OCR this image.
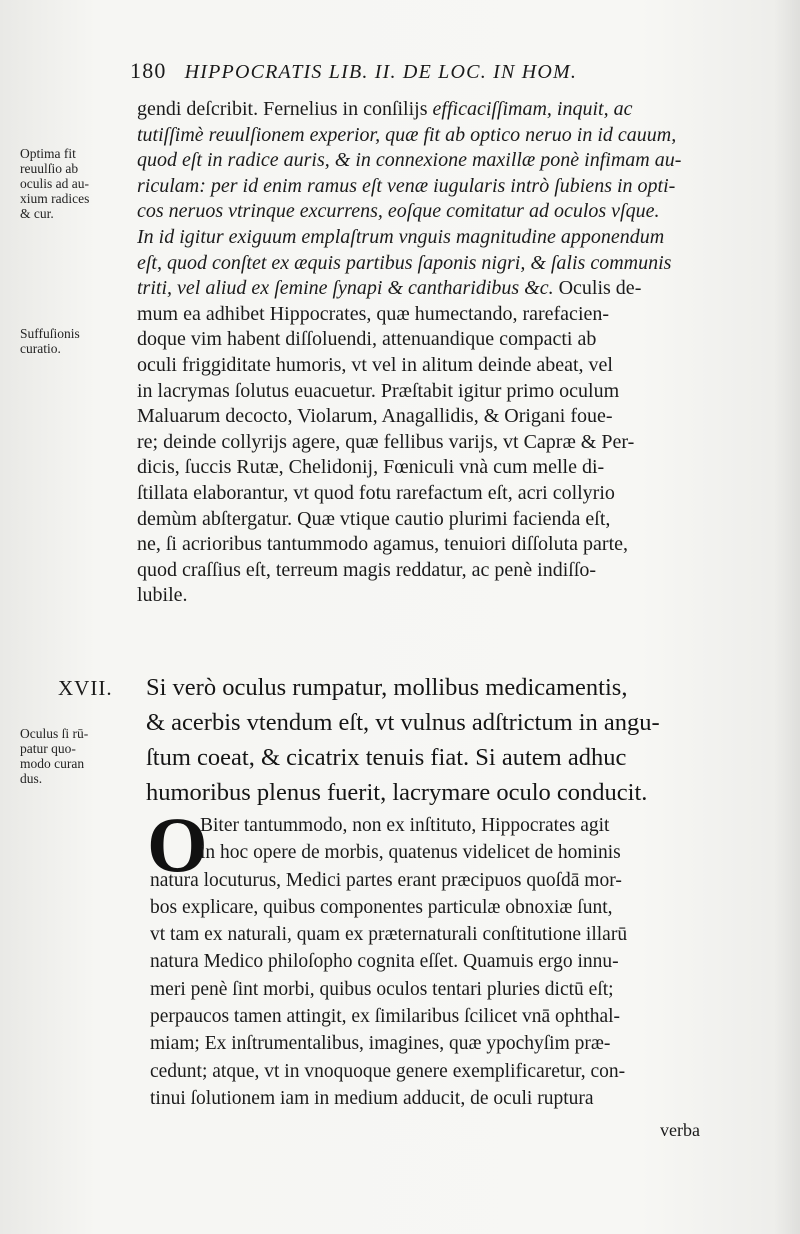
180 HIPPOCRATIS LIB. II. DE LOC. IN HOM.
Optima fit
reuulſio ab
oculis ad au-
xium radices
& cur.
Suffuſionis
curatio.
Oculus ſi rū-
patur quo-
modo curan
dus.
gendi deſcribit. Fernelius in conſilijs efficaciſſimam, inquit, ac
tutiſſimè reuulſionem experior, quæ fit ab optico neruo in id cauum,
quod eſt in radice auris, & in connexione maxillæ ponè infimam au-
riculam: per id enim ramus eſt venæ iugularis intrò ſubiens in opti-
cos neruos vtrinque excurrens, eoſque comitatur ad oculos vſque.
In id igitur exiguum emplaſtrum vnguis magnitudine apponendum
eſt, quod conſtet ex æquis partibus ſaponis nigri, & ſalis communis
triti, vel aliud ex ſemine ſynapi & cantharidibus &c. Oculis de-
mum ea adhibet Hippocrates, quæ humectando, rarefacien-
doque vim habent diſſoluendi, attenuandique compacti ab
oculi friggiditate humoris, vt vel in alitum deinde abeat, vel
in lacrymas ſolutus euacuetur. Præſtabit igitur primo oculum
Maluarum decocto, Violarum, Anagallidis, & Origani foue-
re; deinde collyrijs agere, quæ fellibus varijs, vt Capræ & Per-
dicis, ſuccis Rutæ, Chelidonij, Fœniculi vnà cum melle di-
ſtillata elaborantur, vt quod fotu rarefactum eſt, acri collyrio
demùm abſtergatur. Quæ vtique cautio plurimi facienda eſt,
ne, ſi acrioribus tantummodo agamus, tenuiori diſſoluta parte,
quod craſſius eſt, terreum magis reddatur, ac penè indiſſo-
lubile.
XVII. Si verò oculus rumpatur, mollibus medicamentis,
& acerbis vtendum eſt, vt vulnus adſtrictum in angu-
ſtum coeat, & cicatrix tenuis fiat. Si autem adhuc
humoribus plenus fuerit, lacrymare oculo conducit.
O
Biter tantummodo, non ex inſtituto, Hippocrates agit
in hoc opere de morbis, quatenus videlicet de hominis
natura locuturus, Medici partes erant præcipuos quoſdā mor-
bos explicare, quibus componentes particulæ obnoxiæ ſunt,
vt tam ex naturali, quam ex præternaturali conſtitutione illarū
natura Medico philoſopho cognita eſſet. Quamuis ergo innu-
meri penè ſint morbi, quibus oculos tentari pluries dictū eſt;
perpaucos tamen attingit, ex ſimilaribus ſcilicet vnā ophthal-
miam; Ex inſtrumentalibus, imagines, quæ ypochyſim præ-
cedunt; atque, vt in vnoquoque genere exemplificaretur, con-
tinui ſolutionem iam in medium adducit, de oculi ruptura
verba
